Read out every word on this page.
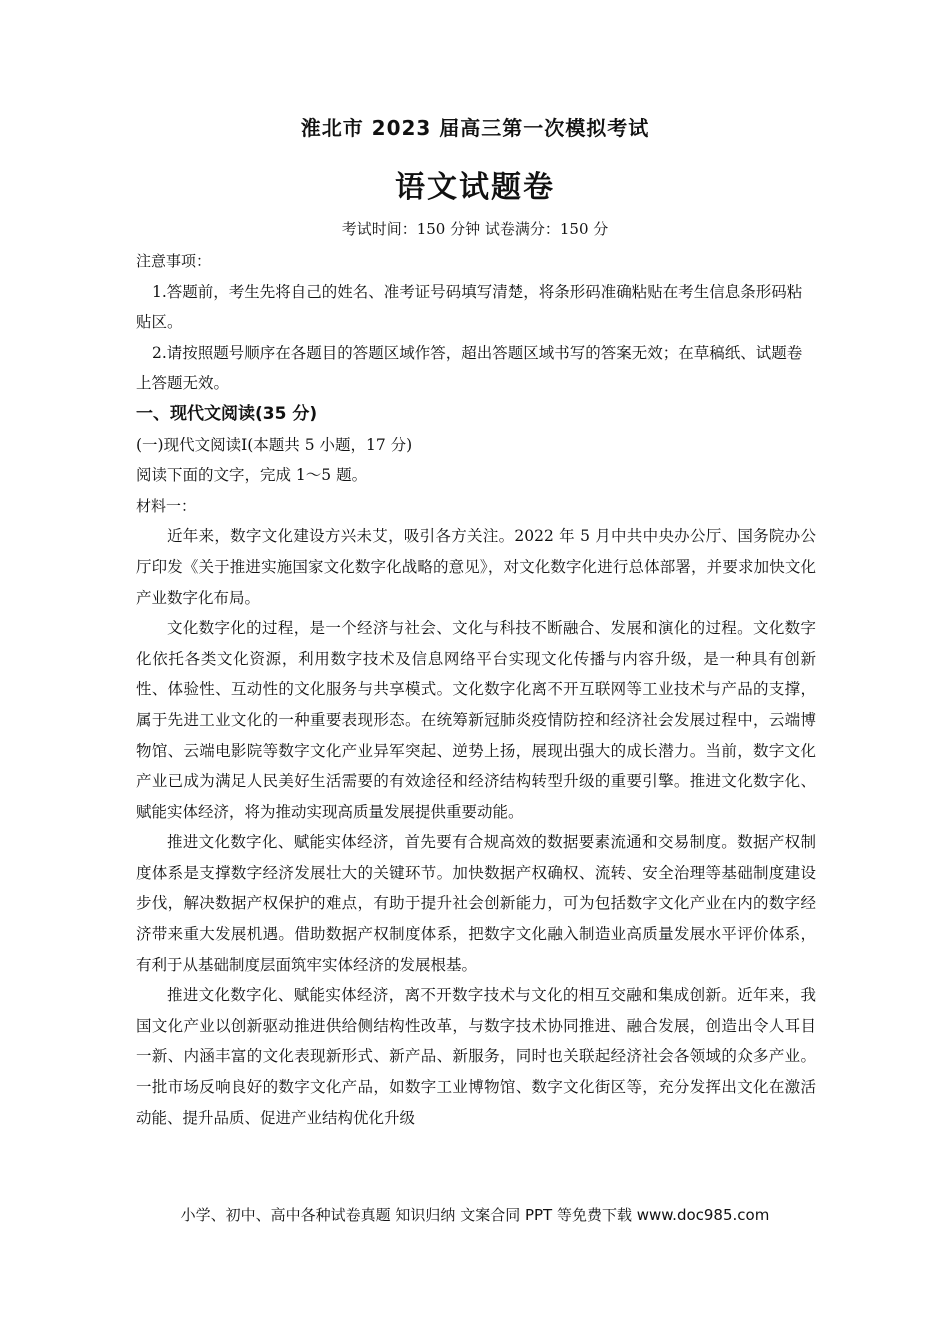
淮北市 2023 届高三第一次模拟考试
语文试题卷

考试时间：150 分钟 试卷满分：150 分

注意事项：

1.答题前，考生先将自己的姓名、准考证号码填写清楚，将条形码准确粘贴在考生信息条形码粘贴区。

2.请按照题号顺序在各题目的答题区域作答，超出答题区域书写的答案无效；在草稿纸、试题卷上答题无效。

一、现代文阅读(35 分)

(一)现代文阅读Ⅰ(本题共 5 小题，17 分)

阅读下面的文字，完成 1～5 题。

材料一：

近年来，数字文化建设方兴未艾，吸引各方关注。2022 年 5 月中共中央办公厅、国务院办公厅印发《关于推进实施国家文化数字化战略的意见》，对文化数字化进行总体部署，并要求加快文化产业数字化布局。

文化数字化的过程，是一个经济与社会、文化与科技不断融合、发展和演化的过程。文化数字化依托各类文化资源，利用数字技术及信息网络平台实现文化传播与内容升级，是一种具有创新性、体验性、互动性的文化服务与共享模式。文化数字化离不开互联网等工业技术与产品的支撑，属于先进工业文化的一种重要表现形态。在统筹新冠肺炎疫情防控和经济社会发展过程中，云端博物馆、云端电影院等数字文化产业异军突起、逆势上扬，展现出强大的成长潜力。当前，数字文化产业已成为满足人民美好生活需要的有效途径和经济结构转型升级的重要引擎。推进文化数字化、赋能实体经济，将为推动实现高质量发展提供重要动能。

推进文化数字化、赋能实体经济，首先要有合规高效的数据要素流通和交易制度。数据产权制度体系是支撑数字经济发展壮大的关键环节。加快数据产权确权、流转、安全治理等基础制度建设步伐，解决数据产权保护的难点，有助于提升社会创新能力，可为包括数字文化产业在内的数字经济带来重大发展机遇。借助数据产权制度体系，把数字文化融入制造业高质量发展水平评价体系，有利于从基础制度层面筑牢实体经济的发展根基。

推进文化数字化、赋能实体经济，离不开数字技术与文化的相互交融和集成创新。近年来，我国文化产业以创新驱动推进供给侧结构性改革，与数字技术协同推进、融合发展，创造出令人耳目一新、内涵丰富的文化表现新形式、新产品、新服务，同时也关联起经济社会各领域的众多产业。一批市场反响良好的数字文化产品，如数字工业博物馆、数字文化街区等，充分发挥出文化在激活动能、提升品质、促进产业结构优化升级

小学、初中、高中各种试卷真题 知识归纳 文案合同 PPT 等免费下载 www.doc985.com
